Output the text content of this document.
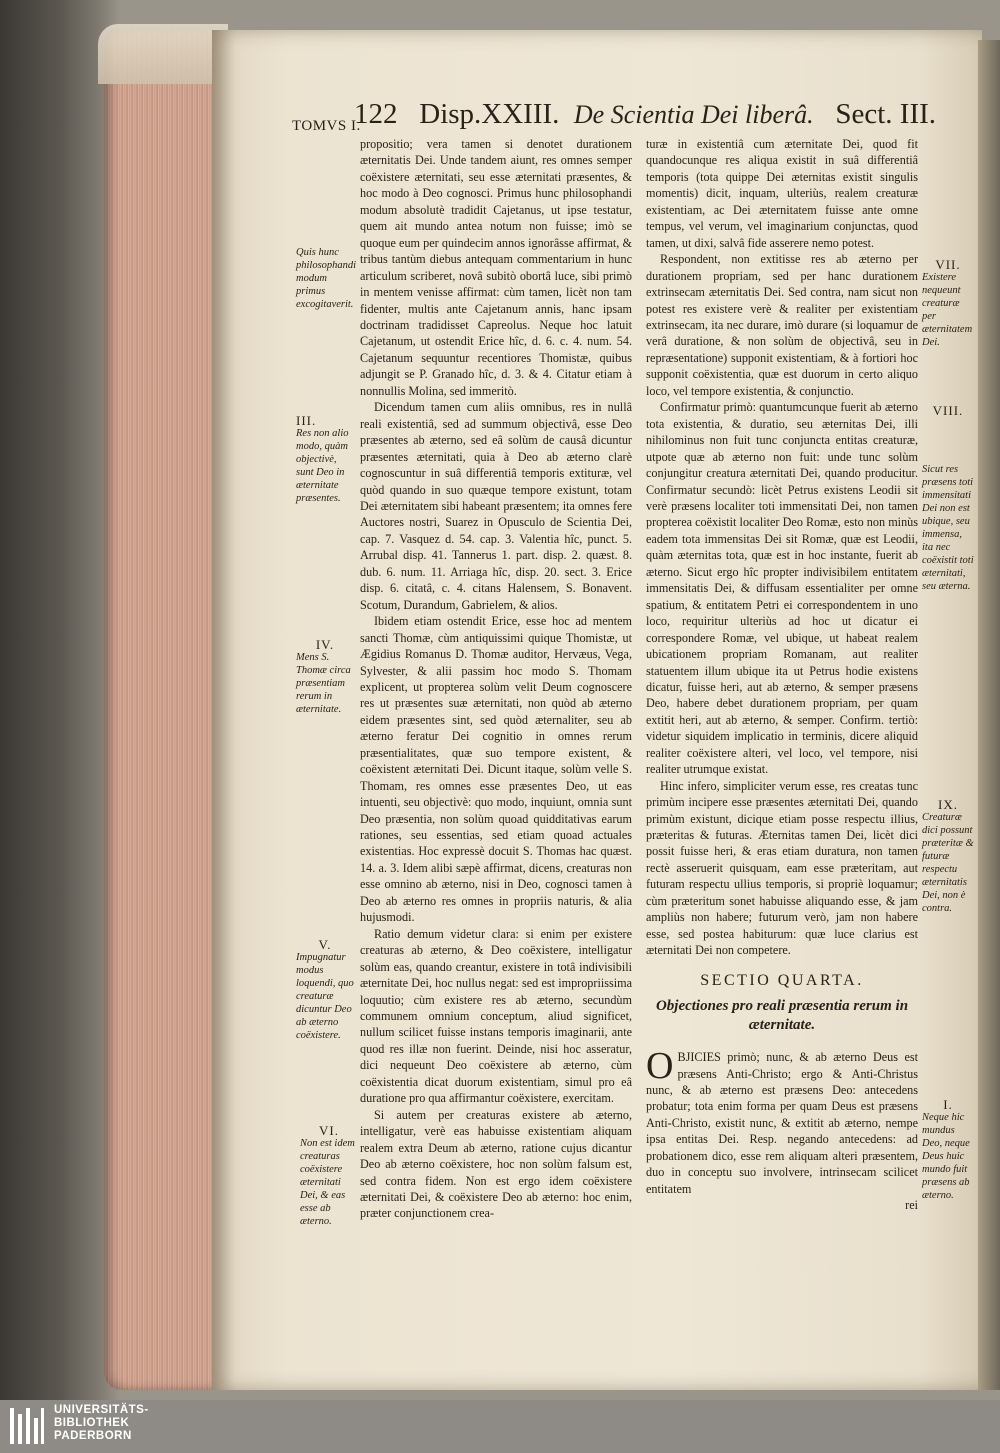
TOMVS I.
122 Disp.XXIII. De Scientia Dei liberâ. Sect. III.
Quis hunc philosophandi modum primus excogitaverit.
III.
Res non alio modo, quàm objectivè, sunt Deo in æternitate præsentes.
IV.
Mens S. Thomæ circa præsentiam rerum in æternitate.
V.
Impugnatur modus loquendi, quo creaturæ dicuntur Deo ab æterno coëxistere.
VI.
Non est idem creaturas coëxistere æternitati Dei, & eas esse ab æterno.

propositio; vera tamen si denotet durationem æternitatis Dei. Unde tandem aiunt, res omnes semper coëxistere æternitati, seu esse æternitati præsentes, & hoc modo à Deo cognosci. Primus hunc philosophandi modum absolutè tradidit Cajetanus, ut ipse testatur, quem ait mundo antea notum non fuisse; imò se quoque eum per quindecim annos ignorâsse affirmat, & tribus tantùm diebus antequam commentarium in hunc articulum scriberet, novâ subitò obortâ luce, sibi primò in mentem venisse affirmat: cùm tamen, licèt non tam fidenter, multis ante Cajetanum annis, hanc ipsam doctrinam tradidisset Capreolus. Neque hoc latuit Cajetanum, ut ostendit Erice hîc, d. 6. c. 4. num. 54. Cajetanum sequuntur recentiores Thomistæ, quibus adjungit se P. Granado hîc, d. 3. & 4. Citatur etiam à nonnullis Molina, sed immeritò.

Dicendum tamen cum aliis omnibus, res in nullâ reali existentiâ, sed ad summum objectivâ, esse Deo præsentes ab æterno, sed eâ solùm de causâ dicuntur præsentes æternitati, quia à Deo ab æterno clarè cognoscuntur in suâ differentiâ temporis extituræ, vel quòd quando in suo quæque tempore existunt, totam Dei æternitatem sibi habeant præsentem; ita omnes fere Auctores nostri, Suarez in Opusculo de Scientia Dei, cap. 7. Vasquez d. 54. cap. 3. Valentia hîc, punct. 5. Arrubal disp. 41. Tannerus 1. part. disp. 2. quæst. 8. dub. 6. num. 11. Arriaga hîc, disp. 20. sect. 3. Erice disp. 6. citatâ, c. 4. citans Halensem, S. Bonavent. Scotum, Durandum, Gabrielem, & alios.

Ibidem etiam ostendit Erice, esse hoc ad mentem sancti Thomæ, cùm antiquissimi quique Thomistæ, ut Ægidius Romanus D. Thomæ auditor, Hervæus, Vega, Sylvester, & alii passim hoc modo S. Thomam explicent, ut propterea solùm velit Deum cognoscere res ut præsentes suæ æternitati, non quòd ab æterno eidem præsentes sint, sed quòd æternaliter, seu ab æterno feratur Dei cognitio in omnes rerum præsentialitates, quæ suo tempore existent, & coëxistent æternitati Dei. Dicunt itaque, solùm velle S. Thomam, res omnes esse præsentes Deo, ut eas intuenti, seu objectivè: quo modo, inquiunt, omnia sunt Deo præsentia, non solùm quoad quidditativas earum rationes, seu essentias, sed etiam quoad actuales existentias. Hoc expressè docuit S. Thomas hac quæst. 14. a. 3. Idem alibi sæpè affirmat, dicens, creaturas non esse omnino ab æterno, nisi in Deo, cognosci tamen à Deo ab æterno res omnes in propriis naturis, & alia hujusmodi.

Ratio demum videtur clara: si enim per existere creaturas ab æterno, & Deo coëxistere, intelligatur solùm eas, quando creantur, existere in totâ indivisibili æternitate Dei, hoc nullus negat: sed est impropriissima loquutio; cùm existere res ab æterno, secundùm communem omnium conceptum, aliud significet, nullum scilicet fuisse instans temporis imaginarii, ante quod res illæ non fuerint. Deinde, nisi hoc asseratur, dici nequeunt Deo coëxistere ab æterno, cùm coëxistentia dicat duorum existentiam, simul pro eâ duratione pro qua affirmantur coëxistere, exercitam.

Si autem per creaturas existere ab æterno, intelligatur, verè eas habuisse existentiam aliquam realem extra Deum ab æterno, ratione cujus dicantur Deo ab æterno coëxistere, hoc non solùm falsum est, sed contra fidem. Non est ergo idem coëxistere æternitati Dei, & coëxistere Deo ab æterno: hoc enim, præter conjunctionem crea-

turæ in existentiâ cum æternitate Dei, quod fit quandocunque res aliqua existit in suâ differentiâ temporis (tota quippe Dei æternitas existit singulis momentis) dicit, inquam, ulteriùs, realem creaturæ existentiam, ac Dei æternitatem fuisse ante omne tempus, vel verum, vel imaginarium conjunctas, quod tamen, ut dixi, salvâ fide asserere nemo potest.

Respondent, non extitisse res ab æterno per durationem propriam, sed per hanc durationem extrinsecam æternitatis Dei. Sed contra, nam sicut non potest res existere verè & realiter per existentiam extrinsecam, ita nec durare, imò durare (si loquamur de verâ duratione, & non solùm de objectivâ, seu in repræsentatione) supponit existentiam, & à fortiori hoc supponit coëxistentia, quæ est duorum in certo aliquo loco, vel tempore existentia, & conjunctio.

Confirmatur primò: quantumcunque fuerit ab æterno tota existentia, & duratio, seu æternitas Dei, illi nihilominus non fuit tunc conjuncta entitas creaturæ, utpote quæ ab æterno non fuit: unde tunc solùm conjungitur creatura æternitati Dei, quando producitur. Confirmatur secundò: licèt Petrus existens Leodii sit verè præsens localiter toti immensitati Dei, non tamen propterea coëxistit localiter Deo Romæ, esto non minùs eadem tota immensitas Dei sit Romæ, quæ est Leodii, quàm æternitas tota, quæ est in hoc instante, fuerit ab æterno. Sicut ergo hîc propter indivisibilem entitatem immensitatis Dei, & diffusam essentialiter per omne spatium, & entitatem Petri ei correspondentem in uno loco, requiritur ulteriùs ad hoc ut dicatur ei correspondere Romæ, vel ubique, ut habeat realem ubicationem propriam Romanam, aut realiter statuentem illum ubique ita ut Petrus hodie existens dicatur, fuisse heri, aut ab æterno, & semper præsens Deo, habere debet durationem propriam, per quam extitit heri, aut ab æterno, & semper. Confirm. tertiò: videtur siquidem implicatio in terminis, dicere aliquid realiter coëxistere alteri, vel loco, vel tempore, nisi realiter utrumque existat.

Hinc infero, simpliciter verum esse, res creatas tunc primùm incipere esse præsentes æternitati Dei, quando primùm existunt, dicique etiam posse respectu illius, præteritas & futuras. Æternitas tamen Dei, licèt dici possit fuisse heri, & eras etiam duratura, non tamen rectè asseruerit quisquam, eam esse præteritam, aut futuram respectu ullius temporis, si propriè loquamur; cùm præteritum sonet habuisse aliquando esse, & jam ampliùs non habere; futurum verò, jam non habere esse, sed postea habiturum: quæ luce clarius est æternitati Dei non competere.

SECTIO QUARTA.
Objectiones pro reali præsentia rerum in æternitate.

OBJICIES primò; nunc, & ab æterno Deus est præsens Anti-Christo; ergo & Anti-Christus nunc, & ab æterno est præsens Deo: antecedens probatur; tota enim forma per quam Deus est præsens Anti-Christo, existit nunc, & extitit ab æterno, nempe ipsa entitas Dei. Resp. negando antecedens: ad probationem dico, esse rem aliquam alteri præsentem, duo in conceptu suo involvere, intrinsecam scilicet entitatem

rei
VII.
Existere nequeunt creaturæ per æternitatem Dei.
VIII.
Sicut res præsens toti immensitati Dei non est ubique, seu immensa, ita nec coëxistit toti æternitati, seu æterna.
IX.
Creaturæ dici possunt præteritæ & futuræ respectu æternitatis Dei, non è contra.
I.
Neque hic mundus Deo, neque Deus huic mundo fuit præsens ab æterno.
UNIVERSITÄTS-
BIBLIOTHEK
PADERBORN
